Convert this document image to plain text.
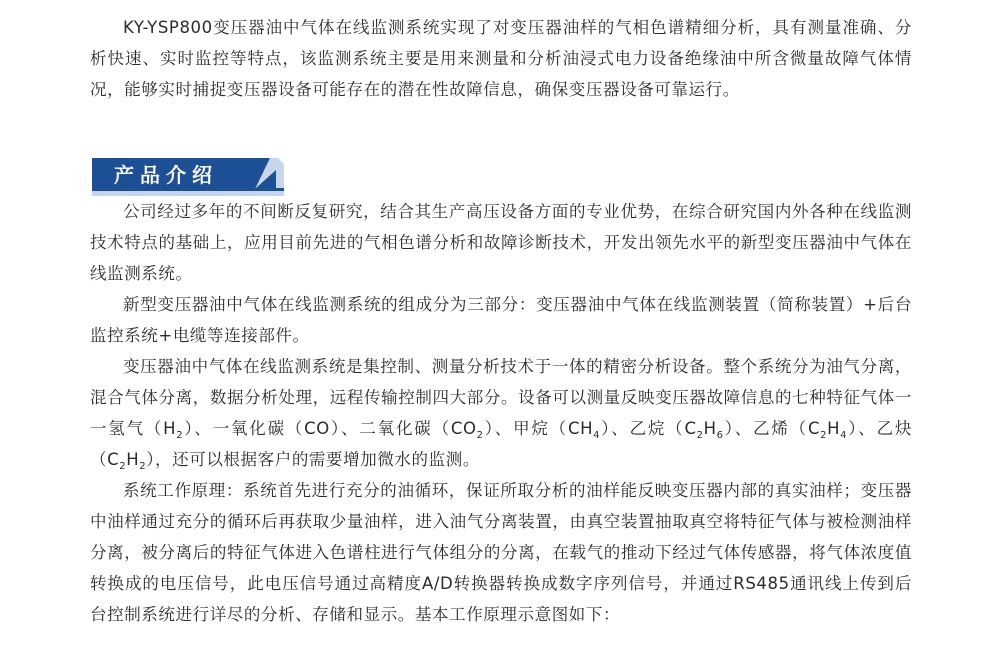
KY-YSP800变压器油中气体在线监测系统实现了对变压器油样的气相色谱精细分析，具有测量准确、分析快速、实时监控等特点，该监测系统主要是用来测量和分析油浸式电力设备绝缘油中所含微量故障气体情况，能够实时捕捉变压器设备可能存在的潜在性故障信息，确保变压器设备可靠运行。

产品介绍

公司经过多年的不间断反复研究，结合其生产高压设备方面的专业优势，在综合研究国内外各种在线监测技术特点的基础上，应用目前先进的气相色谱分析和故障诊断技术，开发出领先水平的新型变压器油中气体在线监测系统。

新型变压器油中气体在线监测系统的组成分为三部分：变压器油中气体在线监测装置（简称装置）+后台监控系统+电缆等连接部件。

变压器油中气体在线监测系统是集控制、测量分析技术于一体的精密分析设备。整个系统分为油气分离，混合气体分离，数据分析处理，远程传输控制四大部分。设备可以测量反映变压器故障信息的七种特征气体一一氢气$(H_2)$、一氧化碳（CO）、二氧化碳$(CO_2)$、甲烷$(CH_4)$、乙烷$(C_2H_6)$、乙烯$(C_2H_4)$、乙炔$(C_2H_2)$，还可以根据客户的需要增加微水的监测。

系统工作原理：系统首先进行充分的油循环，保证所取分析的油样能反映变压器内部的真实油样；变压器中油样通过充分的循环后再获取少量油样，进入油气分离装置，由真空装置抽取真空将特征气体与被检测油样分离，被分离后的特征气体进入色谱柱进行气体组分的分离，在载气的推动下经过气体传感器，将气体浓度值转换成的电压信号，此电压信号通过高精度A/D转换器转换成数字序列信号，并通过RS485通讯线上传到后台控制系统进行详尽的分析、存储和显示。基本工作原理示意图如下：
